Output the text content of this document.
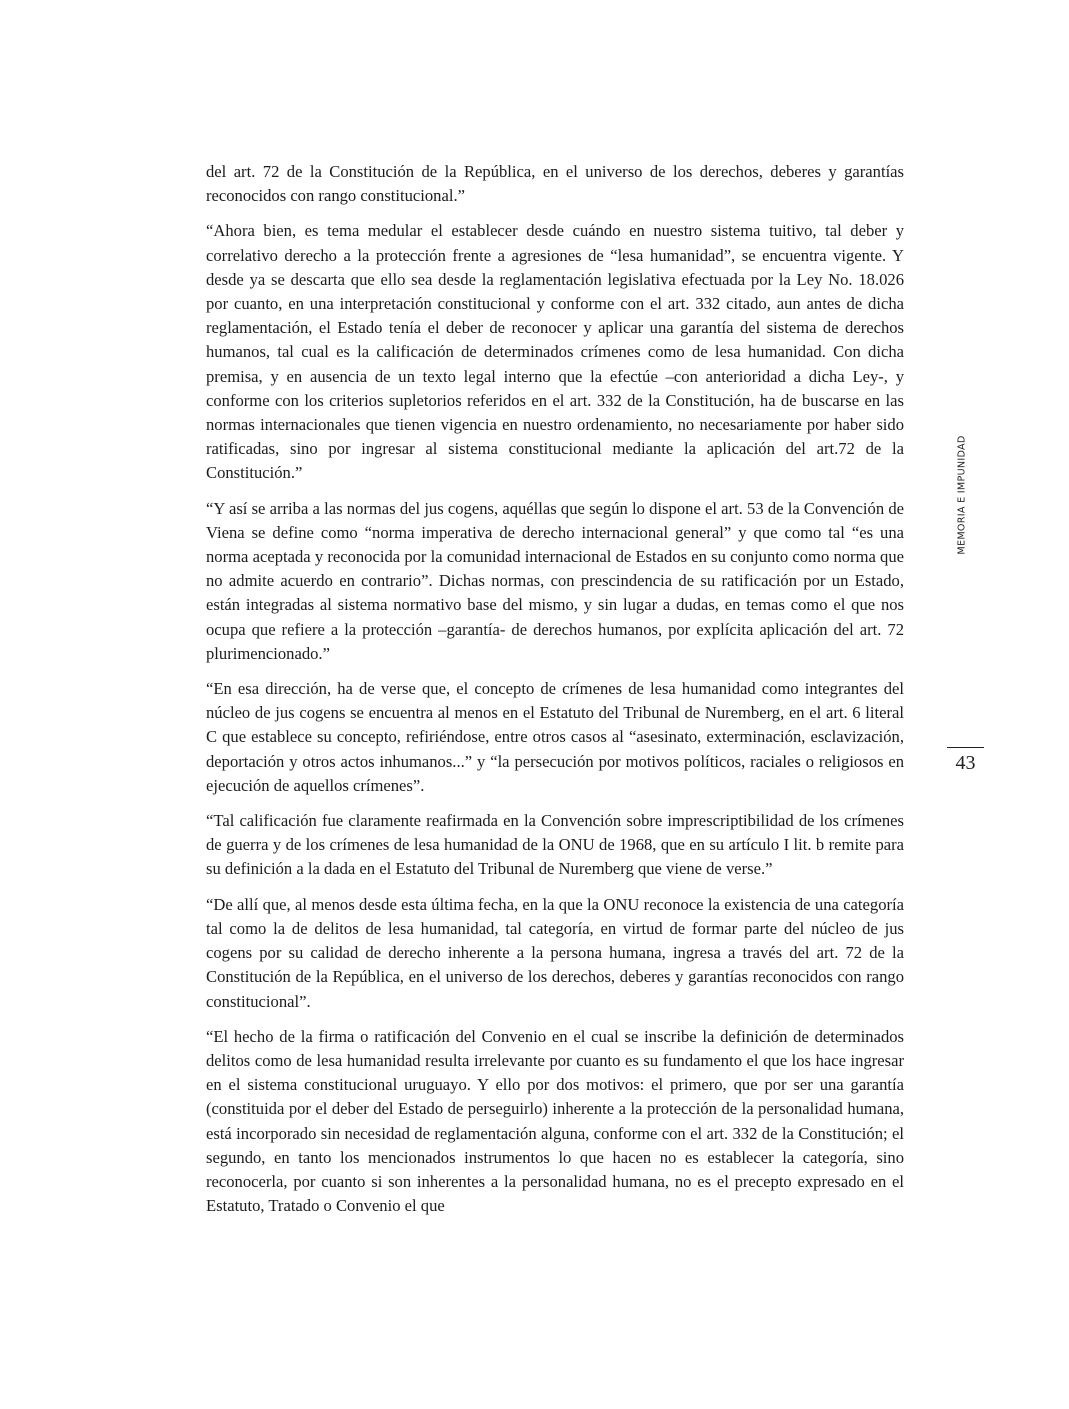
del art. 72 de la Constitución de la República, en el universo de los derechos, deberes y garantías reconocidos con rango constitucional.”

“Ahora bien, es tema medular el establecer desde cuándo en nuestro sistema tuitivo, tal deber y correlativo derecho a la protección frente a agresiones de “lesa humanidad”, se encuentra vigente. Y desde ya se descarta que ello sea desde la reglamentación legislativa efectuada por la Ley No. 18.026 por cuanto, en una interpretación constitucional y conforme con el art. 332 citado, aun antes de dicha reglamentación, el Estado tenía el deber de reconocer y aplicar una garantía del sistema de derechos humanos, tal cual es la calificación de determinados crímenes como de lesa humanidad. Con dicha premisa, y en ausencia de un texto legal interno que la efectúe –con anterioridad a dicha Ley-, y conforme con los criterios supletorios referidos en el art. 332 de la Constitución, ha de buscarse en las normas internacionales que tienen vigencia en nuestro ordenamiento, no necesariamente por haber sido ratificadas, sino por ingresar al sistema constitucional mediante la aplicación del art.72 de la Constitución.”

“Y así se arriba a las normas del jus cogens, aquéllas que según lo dispone el art. 53 de la Convención de Viena se define como “norma imperativa de derecho internacional general” y que como tal “es una norma aceptada y reconocida por la comunidad internacional de Estados en su conjunto como norma que no admite acuerdo en contrario”. Dichas normas, con prescindencia de su ratificación por un Estado, están integradas al sistema normativo base del mismo, y sin lugar a dudas, en temas como el que nos ocupa que refiere a la protección –garantía- de derechos humanos, por explícita aplicación del art. 72 plurimencionado.”

“En esa dirección, ha de verse que, el concepto de crímenes de lesa humanidad como integrantes del núcleo de jus cogens se encuentra al menos en el Estatuto del Tribunal de Nuremberg, en el art. 6 literal C que establece su concepto, refiriéndose, entre otros casos al “asesinato, exterminación, esclavización, deportación y otros actos inhumanos...” y “la persecución por motivos políticos, raciales o religiosos en ejecución de aquellos crímenes”.

“Tal calificación fue claramente reafirmada en la Convención sobre imprescriptibilidad de los crímenes de guerra y de los crímenes de lesa humanidad de la ONU de 1968, que en su artículo I lit. b remite para su definición a la dada en el Estatuto del Tribunal de Nuremberg que viene de verse.”

“De allí que, al menos desde esta última fecha, en la que la ONU reconoce la existencia de una categoría tal como la de delitos de lesa humanidad, tal categoría, en virtud de formar parte del núcleo de jus cogens por su calidad de derecho inherente a la persona humana, ingresa a través del art. 72 de la Constitución de la República, en el universo de los derechos, deberes y garantías reconocidos con rango constitucional”.

“El hecho de la firma o ratificación del Convenio en el cual se inscribe la definición de determinados delitos como de lesa humanidad resulta irrelevante por cuanto es su fundamento el que los hace ingresar en el sistema constitucional uruguayo. Y ello por dos motivos: el primero, que por ser una garantía (constituida por el deber del Estado de perseguirlo) inherente a la protección de la personalidad humana, está incorporado sin necesidad de reglamentación alguna, conforme con el art. 332 de la Constitución; el segundo, en tanto los mencionados instrumentos lo que hacen no es establecer la categoría, sino reconocerla, por cuanto si son inherentes a la personalidad humana, no es el precepto expresado en el Estatuto, Tratado o Convenio el que

MEMORIA E IMPUNIDAD
43
